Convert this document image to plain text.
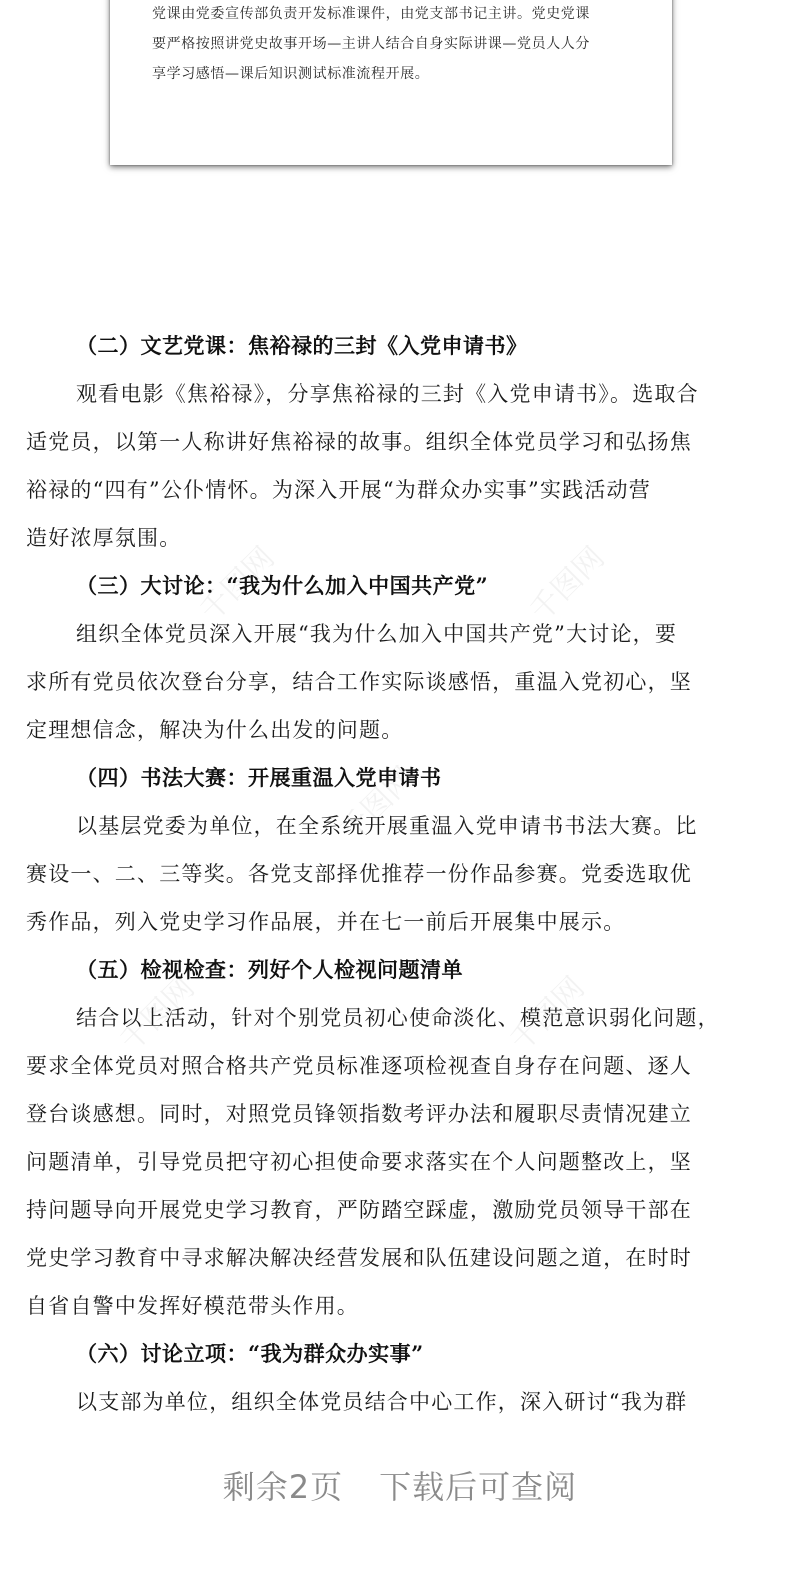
党课由党委宣传部负责开发标准课件，由党支部书记主讲。党史党课
要严格按照讲党史故事开场—主讲人结合自身实际讲课—党员人人分
享学习感悟—课后知识测试标准流程开展。

（二）文艺党课：焦裕禄的三封《入党申请书》
观看电影《焦裕禄》，分享焦裕禄的三封《入党申请书》。选取合
适党员，以第一人称讲好焦裕禄的故事。组织全体党员学习和弘扬焦
裕禄的“四有”公仆情怀。为深入开展“为群众办实事”实践活动营
造好浓厚氛围。
（三）大讨论：“我为什么加入中国共产党”
组织全体党员深入开展“我为什么加入中国共产党”大讨论，要
求所有党员依次登台分享，结合工作实际谈感悟，重温入党初心，坚
定理想信念，解决为什么出发的问题。
（四）书法大赛：开展重温入党申请书
以基层党委为单位，在全系统开展重温入党申请书书法大赛。比
赛设一、二、三等奖。各党支部择优推荐一份作品参赛。党委选取优
秀作品，列入党史学习作品展，并在七一前后开展集中展示。
（五）检视检查：列好个人检视问题清单
结合以上活动，针对个别党员初心使命淡化、模范意识弱化问题，
要求全体党员对照合格共产党员标准逐项检视查自身存在问题、逐人
登台谈感想。同时，对照党员锋领指数考评办法和履职尽责情况建立
问题清单，引导党员把守初心担使命要求落实在个人问题整改上，坚
持问题导向开展党史学习教育，严防踏空踩虚，激励党员领导干部在
党史学习教育中寻求解决解决经营发展和队伍建设问题之道，在时时
自省自警中发挥好模范带头作用。
（六）讨论立项：“我为群众办实事”
以支部为单位，组织全体党员结合中心工作，深入研讨“我为群
千图网	千图网
千图网
千图网	千图网
剩余2页 下载后可查阅
